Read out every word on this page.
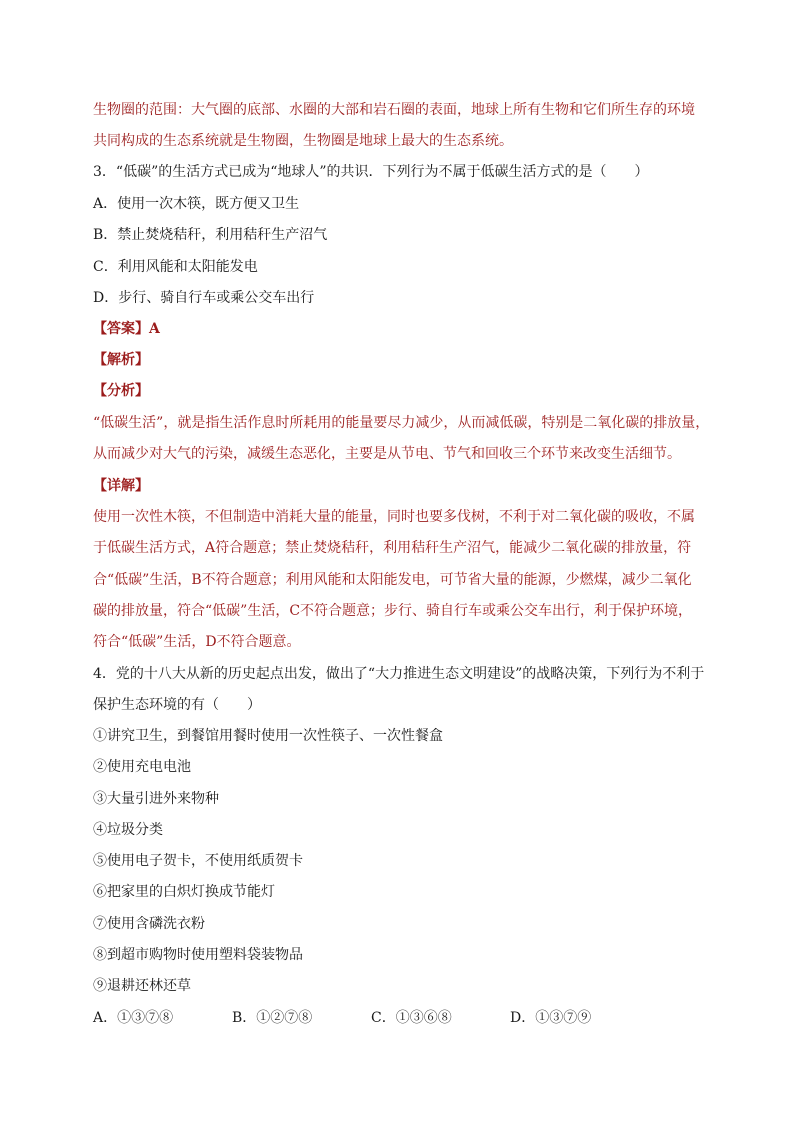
生物圈的范围：大气圈的底部、水圈的大部和岩石圈的表面，地球上所有生物和它们所生存的环境
共同构成的生态系统就是生物圈，生物圈是地球上最大的生态系统。
3．“低碳”的生活方式已成为“地球人”的共识．下列行为不属于低碳生活方式的是（　　）
A．使用一次木筷，既方便又卫生
B．禁止焚烧秸秆，利用秸秆生产沼气
C．利用风能和太阳能发电
D．步行、骑自行车或乘公交车出行
【答案】A
【解析】
【分析】
“低碳生活”，就是指生活作息时所耗用的能量要尽力减少，从而减低碳，特别是二氧化碳的排放量，
从而减少对大气的污染，减缓生态恶化，主要是从节电、节气和回收三个环节来改变生活细节。
【详解】
使用一次性木筷，不但制造中消耗大量的能量，同时也要多伐树，不利于对二氧化碳的吸收，不属
于低碳生活方式，A符合题意；禁止焚烧秸秆，利用秸秆生产沼气，能减少二氧化碳的排放量，符
合“低碳”生活，B不符合题意；利用风能和太阳能发电，可节省大量的能源，少燃煤，减少二氧化
碳的排放量，符合“低碳”生活，C不符合题意；步行、骑自行车或乘公交车出行，利于保护环境，
符合“低碳”生活，D不符合题意。
4．党的十八大从新的历史起点出发，做出了“大力推进生态文明建设”的战略决策，下列行为不利于
保护生态环境的有（　　）
①讲究卫生，到餐馆用餐时使用一次性筷子、一次性餐盒
②使用充电电池
③大量引进外来物种
④垃圾分类
⑤使用电子贺卡，不使用纸质贺卡
⑥把家里的白炽灯换成节能灯
⑦使用含磷洗衣粉
⑧到超市购物时使用塑料袋装物品
⑨退耕还林还草
A．①③⑦⑧	B．①②⑦⑧	C．①③⑥⑧	D．①③⑦⑨
